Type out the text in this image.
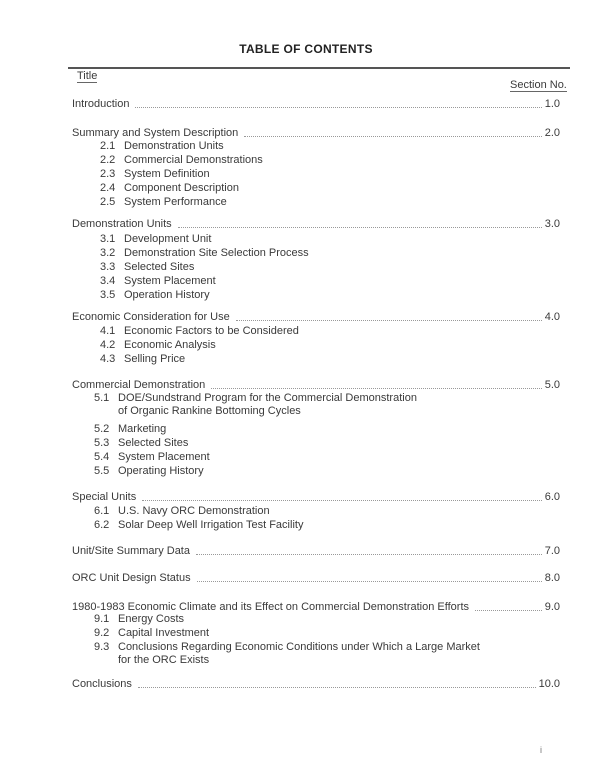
TABLE OF CONTENTS
Title
Section No.
Introduction	1.0
Summary and System Description	2.0
2.1 Demonstration Units
2.2 Commercial Demonstrations
2.3 System Definition
2.4 Component Description
2.5 System Performance
Demonstration Units	3.0
3.1 Development Unit
3.2 Demonstration Site Selection Process
3.3 Selected Sites
3.4 System Placement
3.5 Operation History
Economic Consideration for Use	4.0
4.1 Economic Factors to be Considered
4.2 Economic Analysis
4.3 Selling Price
Commercial Demonstration	5.0
5.1 DOE/Sundstrand Program for the Commercial Demonstration
of Organic Rankine Bottoming Cycles
5.2 Marketing
5.3 Selected Sites
5.4 System Placement
5.5 Operating History
Special Units	6.0
6.1 U.S. Navy ORC Demonstration
6.2 Solar Deep Well Irrigation Test Facility
Unit/Site Summary Data	7.0
ORC Unit Design Status	8.0
1980-1983 Economic Climate and its Effect on Commercial Demonstration Efforts	9.0
9.1 Energy Costs
9.2 Capital Investment
9.3 Conclusions Regarding Economic Conditions under Which a Large Market
for the ORC Exists
Conclusions	10.0
i
